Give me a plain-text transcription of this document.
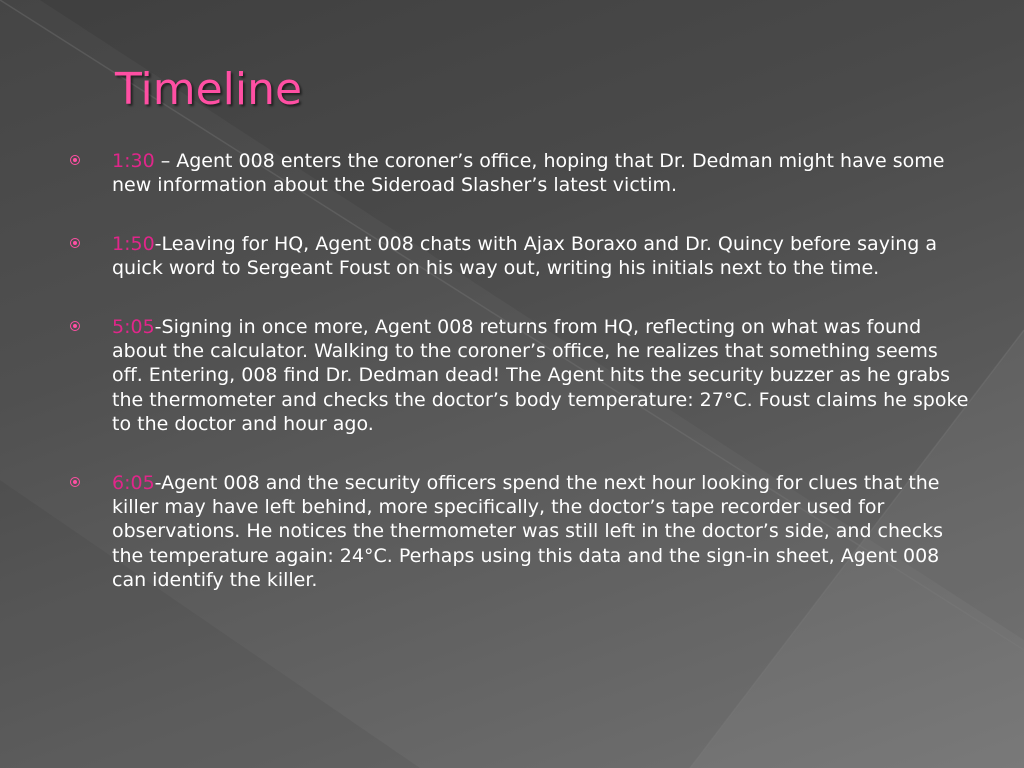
Timeline
1:30 – Agent 008 enters the coroner’s office, hoping that Dr. Dedman might have some new information about the Sideroad Slasher’s latest victim.
1:50-Leaving for HQ, Agent 008 chats with Ajax Boraxo and Dr. Quincy before saying a quick word to Sergeant Foust on his way out, writing his initials next to the time.
5:05-Signing in once more, Agent 008 returns from HQ, reflecting on what was found about the calculator. Walking to the coroner’s office, he realizes that something seems off. Entering, 008 find Dr. Dedman dead! The Agent hits the security buzzer as he grabs the thermometer and checks the doctor’s body temperature: 27°C. Foust claims he spoke to the doctor and hour ago.
6:05-Agent 008 and the security officers spend the next hour looking for clues that the killer may have left behind, more specifically, the doctor’s tape recorder used for observations. He notices the thermometer was still left in the doctor’s side, and checks the temperature again: 24°C. Perhaps using this data and the sign-in sheet, Agent 008 can identify the killer.
